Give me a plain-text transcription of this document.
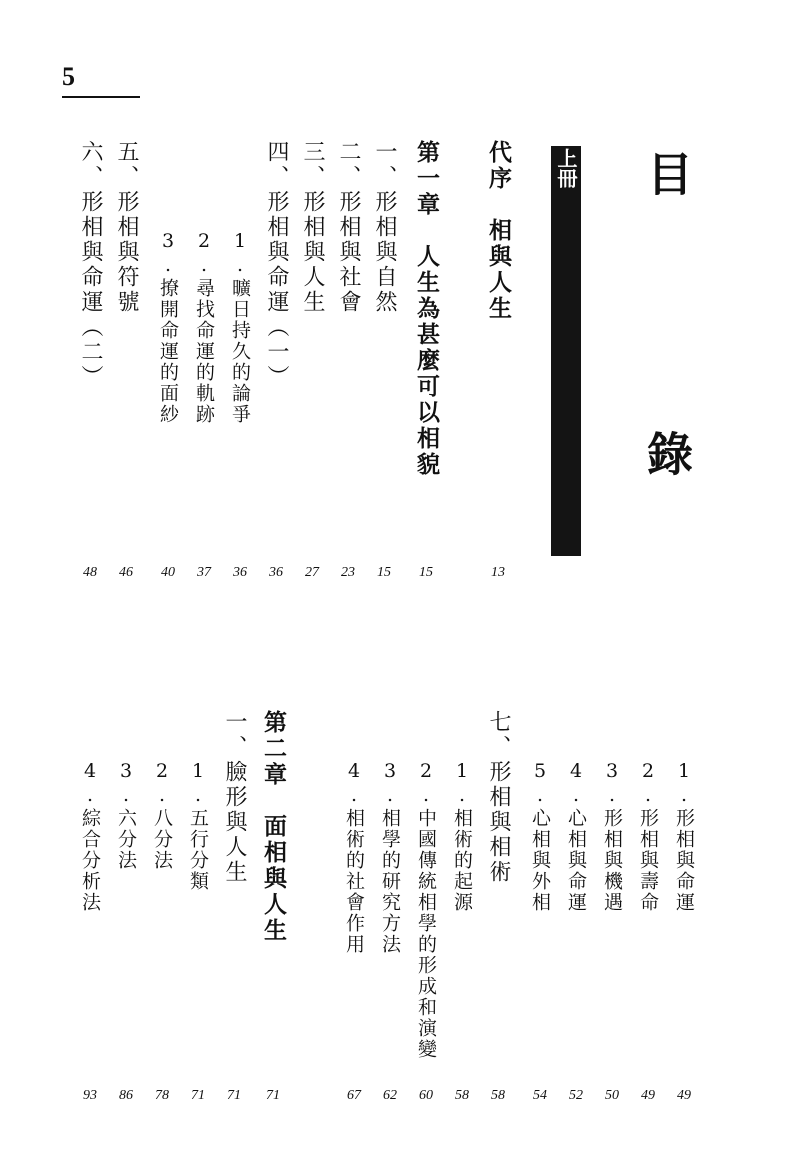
5
目 錄
上冊
代序　相與人生
13
第一章　人生為甚麼可以相貌
15
一、形相與自然
15
二、形相與社會
23
三、形相與人生
27
四、形相與命運（一）
36
1.曠日持久的論爭
36
2.尋找命運的軌跡
37
3.撩開命運的面紗
40
五、形相與符號
46
六、形相與命運（二）
48
1.形相與命運
49
2.形相與壽命
49
3.形相與機遇
50
4.心相與命運
52
5.心相與外相
54
七、形相與相術
58
1.相術的起源
58
2.中國傳統相學的形成和演變
60
3.相學的研究方法
62
4.相術的社會作用
67
第二章　面相與人生
71
一、臉形與人生
71
1.五行分類
71
2.八分法
78
3.六分法
86
4.綜合分析法
93
